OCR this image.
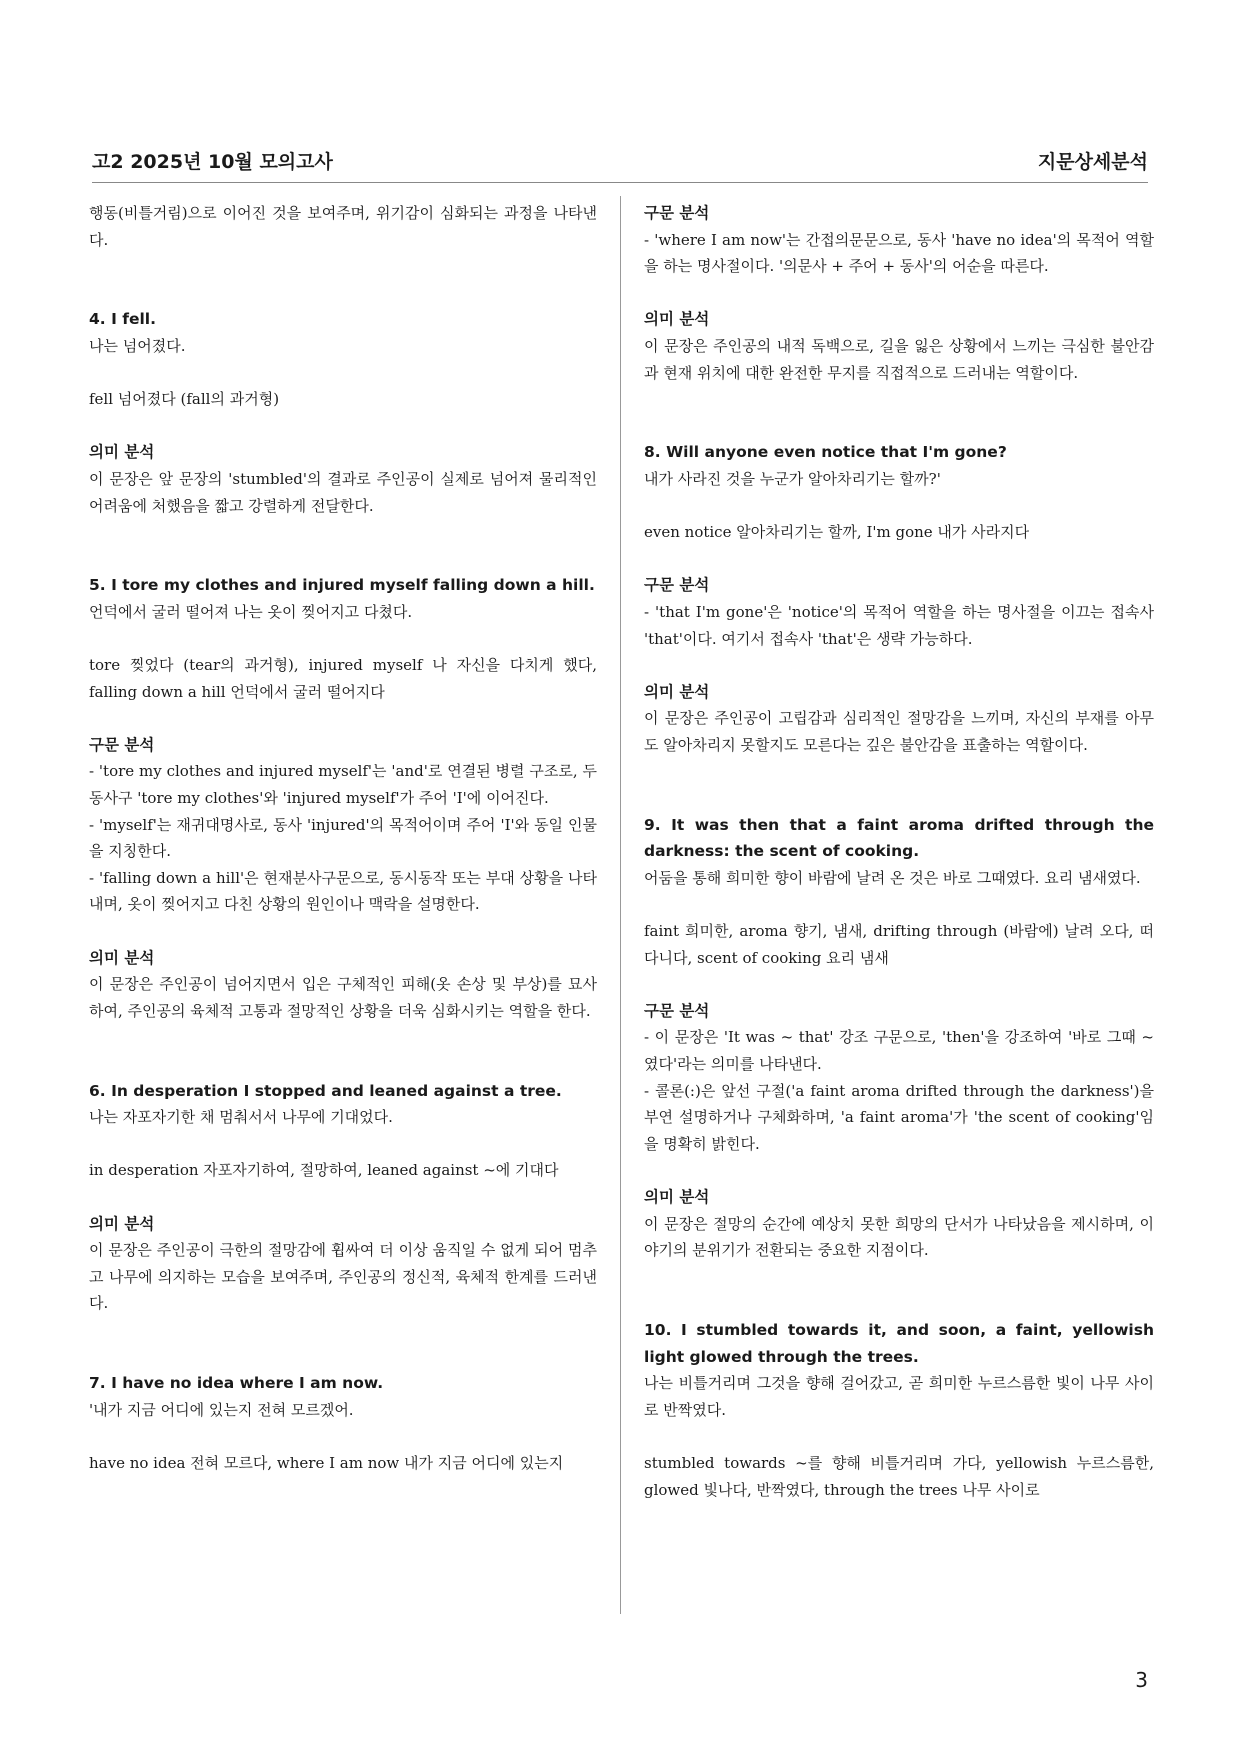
고2 2025년 10월 모의고사	지문상세분석

행동(비틀거림)으로 이어진 것을 보여주며, 위기감이 심화되는 과정을 나타낸다.

4. I fell.

나는 넘어졌다.

fell 넘어졌다 (fall의 과거형)

의미 분석

이 문장은 앞 문장의 'stumbled'의 결과로 주인공이 실제로 넘어져 물리적인 어려움에 처했음을 짧고 강렬하게 전달한다.

5. I tore my clothes and injured myself falling down a hill.

언덕에서 굴러 떨어져 나는 옷이 찢어지고 다쳤다.

tore 찢었다 (tear의 과거형), injured myself 나 자신을 다치게 했다, falling down a hill 언덕에서 굴러 떨어지다

구문 분석

- 'tore my clothes and injured myself'는 'and'로 연결된 병렬 구조로, 두 동사구 'tore my clothes'와 'injured myself'가 주어 'I'에 이어진다.

- 'myself'는 재귀대명사로, 동사 'injured'의 목적어이며 주어 'I'와 동일 인물을 지칭한다.

- 'falling down a hill'은 현재분사구문으로, 동시동작 또는 부대 상황을 나타내며, 옷이 찢어지고 다친 상황의 원인이나 맥락을 설명한다.

의미 분석

이 문장은 주인공이 넘어지면서 입은 구체적인 피해(옷 손상 및 부상)를 묘사하여, 주인공의 육체적 고통과 절망적인 상황을 더욱 심화시키는 역할을 한다.

6. In desperation I stopped and leaned against a tree.

나는 자포자기한 채 멈춰서서 나무에 기대었다.

in desperation 자포자기하여, 절망하여, leaned against ~에 기대다

의미 분석

이 문장은 주인공이 극한의 절망감에 휩싸여 더 이상 움직일 수 없게 되어 멈추고 나무에 의지하는 모습을 보여주며, 주인공의 정신적, 육체적 한계를 드러낸다.

7. I have no idea where I am now.

'내가 지금 어디에 있는지 전혀 모르겠어.

have no idea 전혀 모르다, where I am now 내가 지금 어디에 있는지

구문 분석

- 'where I am now'는 간접의문문으로, 동사 'have no idea'의 목적어 역할을 하는 명사절이다. '의문사 + 주어 + 동사'의 어순을 따른다.

의미 분석

이 문장은 주인공의 내적 독백으로, 길을 잃은 상황에서 느끼는 극심한 불안감과 현재 위치에 대한 완전한 무지를 직접적으로 드러내는 역할이다.

8. Will anyone even notice that I'm gone?

내가 사라진 것을 누군가 알아차리기는 할까?'

even notice 알아차리기는 할까, I'm gone 내가 사라지다

구문 분석

- 'that I'm gone'은 'notice'의 목적어 역할을 하는 명사절을 이끄는 접속사 'that'이다. 여기서 접속사 'that'은 생략 가능하다.

의미 분석

이 문장은 주인공이 고립감과 심리적인 절망감을 느끼며, 자신의 부재를 아무도 알아차리지 못할지도 모른다는 깊은 불안감을 표출하는 역할이다.

9. It was then that a faint aroma drifted through the darkness: the scent of cooking.

어둠을 통해 희미한 향이 바람에 날려 온 것은 바로 그때였다. 요리 냄새였다.

faint 희미한, aroma 향기, 냄새, drifting through (바람에) 날려 오다, 떠다니다, scent of cooking 요리 냄새

구문 분석

- 이 문장은 'It was ~ that' 강조 구문으로, 'then'을 강조하여 '바로 그때 ~였다'라는 의미를 나타낸다.

- 콜론(:)은 앞선 구절('a faint aroma drifted through the darkness')을 부연 설명하거나 구체화하며, 'a faint aroma'가 'the scent of cooking'임을 명확히 밝힌다.

의미 분석

이 문장은 절망의 순간에 예상치 못한 희망의 단서가 나타났음을 제시하며, 이야기의 분위기가 전환되는 중요한 지점이다.

10. I stumbled towards it, and soon, a faint, yellowish light glowed through the trees.

나는 비틀거리며 그것을 향해 걸어갔고, 곧 희미한 누르스름한 빛이 나무 사이로 반짝였다.

stumbled towards ~를 향해 비틀거리며 가다, yellowish 누르스름한, glowed 빛나다, 반짝였다, through the trees 나무 사이로

3
